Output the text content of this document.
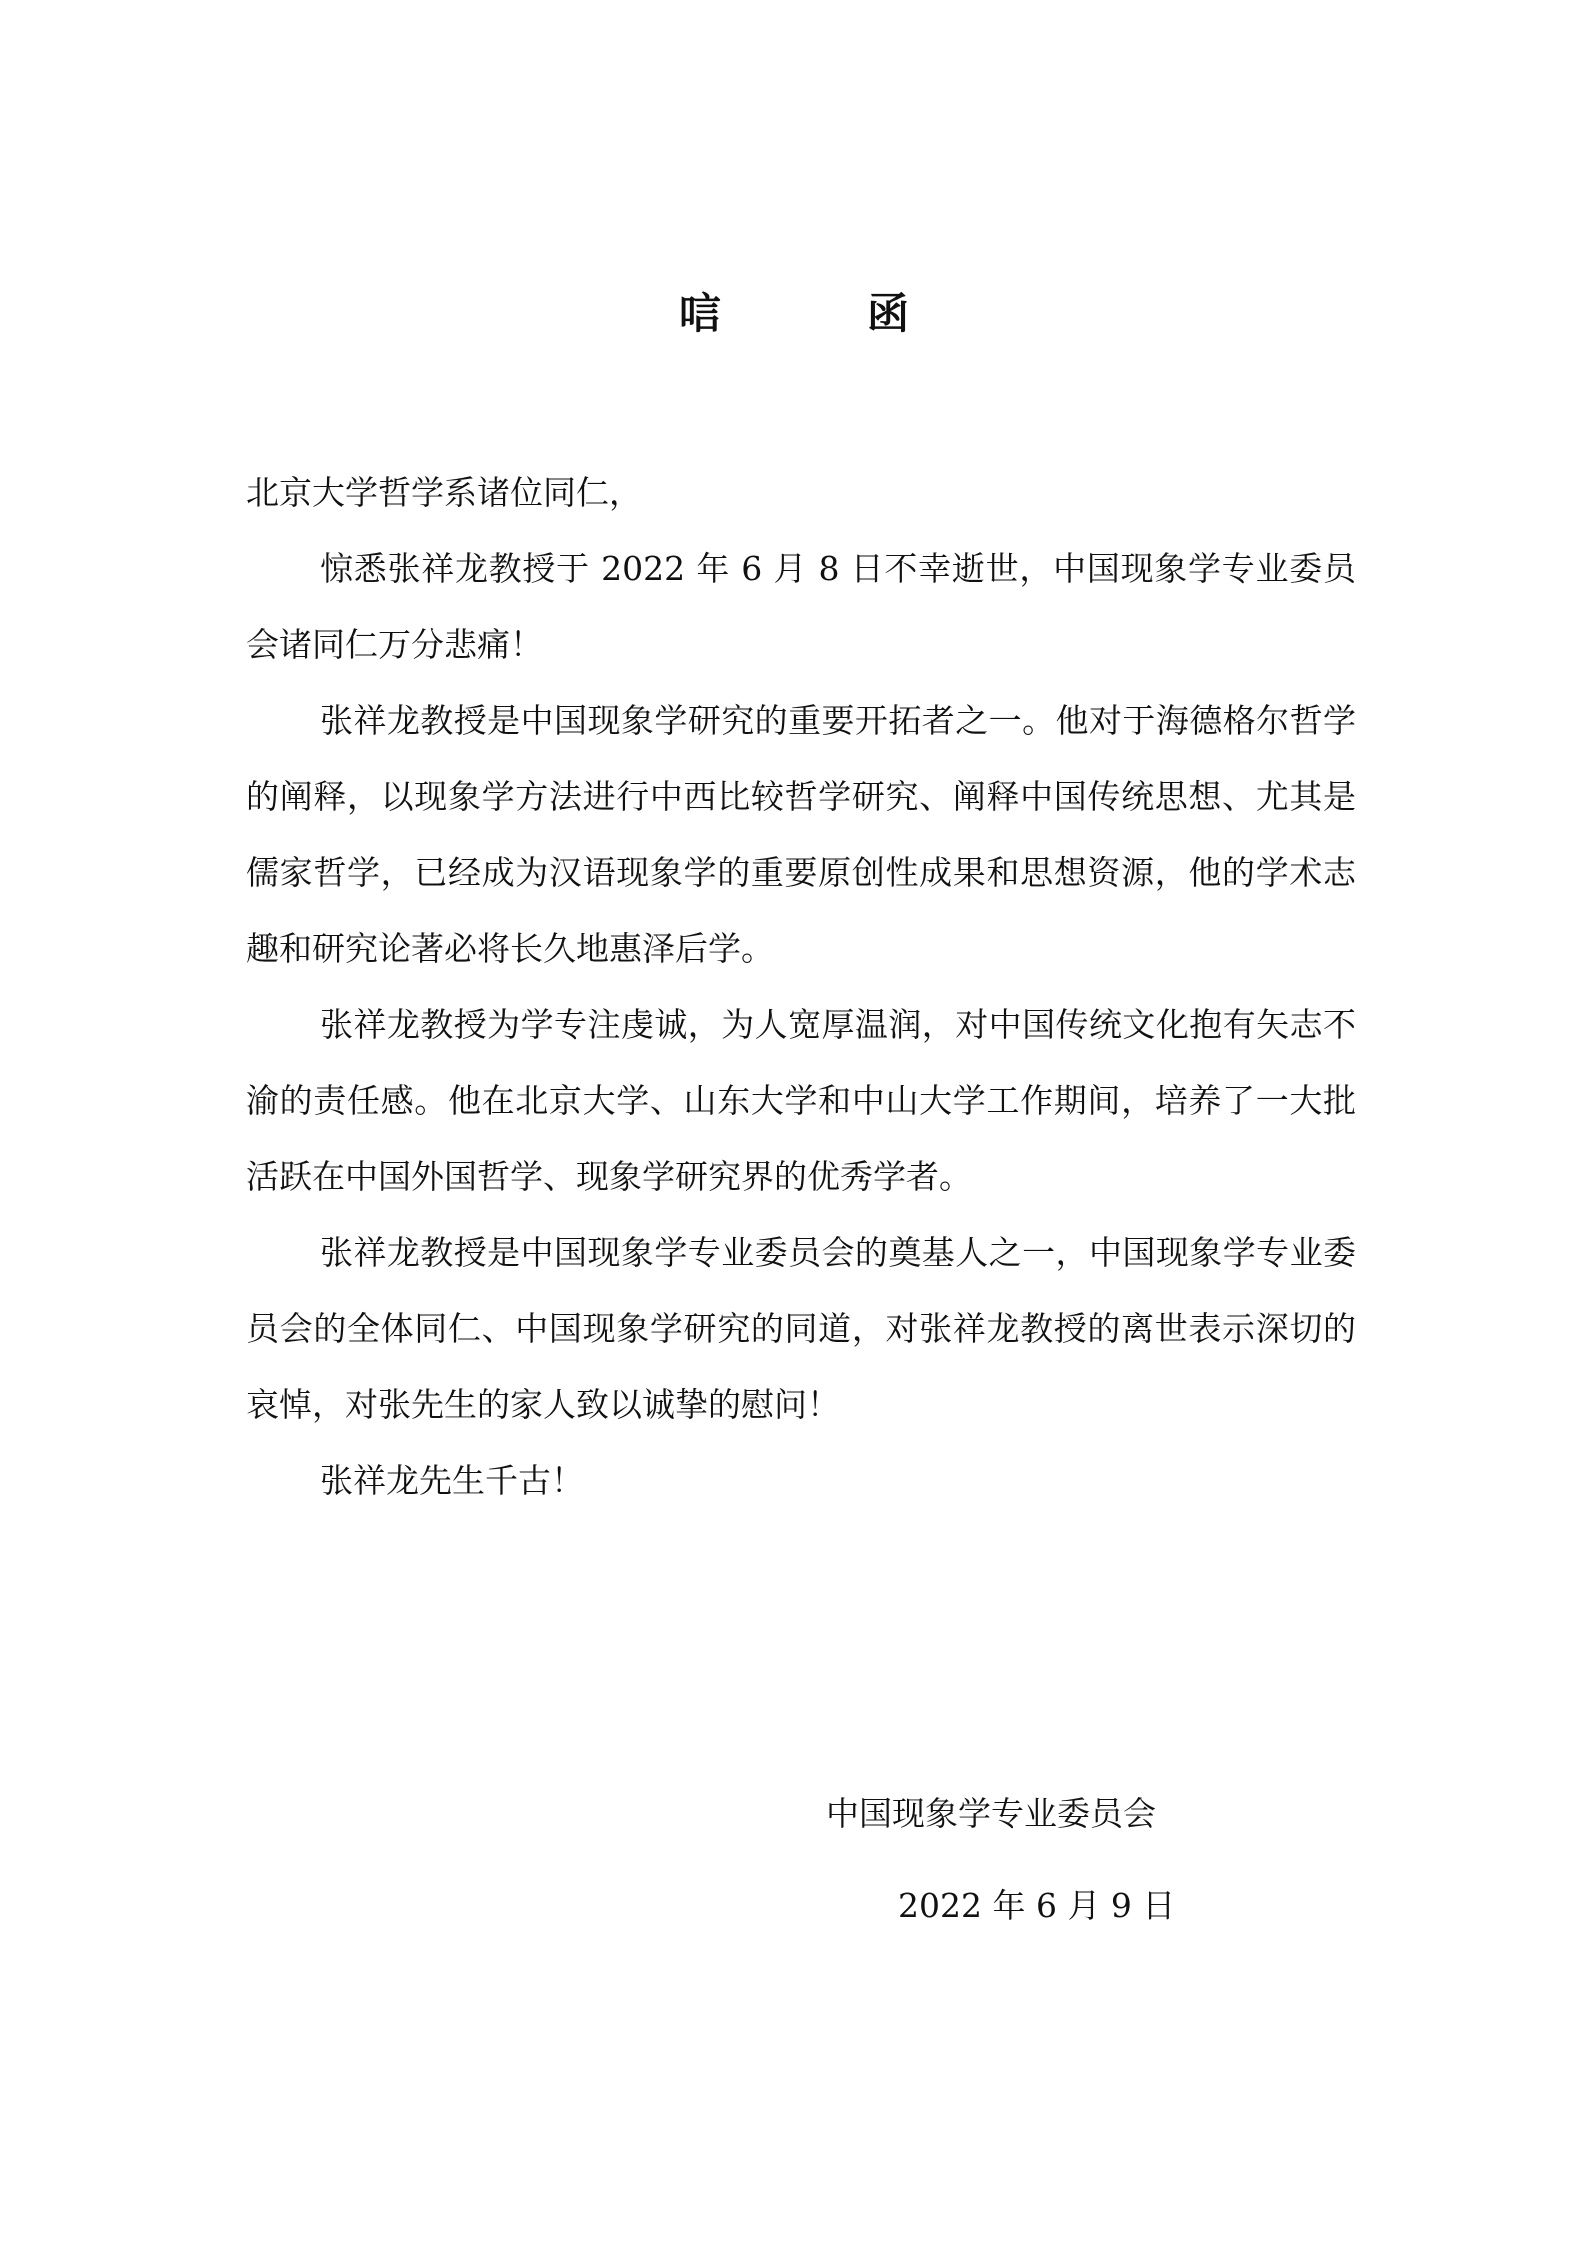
唁　函

北京大学哲学系诸位同仁，

惊悉张祥龙教授于 2022 年 6 月 8 日不幸逝世，中国现象学专业委员会诸同仁万分悲痛！

张祥龙教授是中国现象学研究的重要开拓者之一。他对于海德格尔哲学的阐释，以现象学方法进行中西比较哲学研究、阐释中国传统思想、尤其是儒家哲学，已经成为汉语现象学的重要原创性成果和思想资源，他的学术志趣和研究论著必将长久地惠泽后学。

张祥龙教授为学专注虔诚，为人宽厚温润，对中国传统文化抱有矢志不渝的责任感。他在北京大学、山东大学和中山大学工作期间，培养了一大批活跃在中国外国哲学、现象学研究界的优秀学者。

张祥龙教授是中国现象学专业委员会的奠基人之一，中国现象学专业委员会的全体同仁、中国现象学研究的同道，对张祥龙教授的离世表示深切的哀悼，对张先生的家人致以诚挚的慰问！

张祥龙先生千古！

中国现象学专业委员会
2022 年 6 月 9 日
